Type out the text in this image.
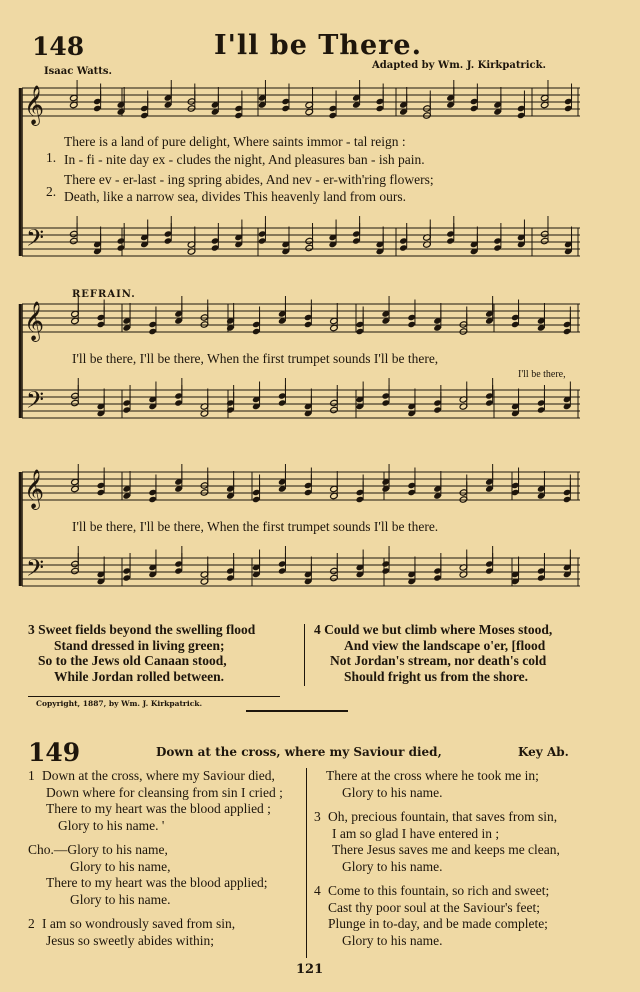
148	I'll be There.
Isaac Watts.
Adapted by Wm. J. Kirkpatrick.
𝄞
𝄢
𝄞
𝄢
𝄞
𝄢
1.
2.
There is a land of pure delight, Where saints immor - tal reign :
In - fi - nite day ex - cludes the night, And pleasures ban - ish pain.
There ev - er-last - ing spring abides, And nev - er-with'ring flowers;
Death, like a narrow sea, divides This heavenly land from ours.
REFRAIN.
I'll be there, I'll be there, When the first trumpet sounds I'll be there,
I'll be there,
I'll be there, I'll be there, When the first trumpet sounds I'll be there.
3 Sweet fields beyond the swelling flood
Stand dressed in living green;
So to the Jews old Canaan stood,
While Jordan rolled between.
4 Could we but climb where Moses stood,
And view the landscape o'er, [flood
Not Jordan's stream, nor death's cold
Should fright us from the shore.
Copyright, 1887, by Wm. J. Kirkpatrick.
149	Down at the cross, where my Saviour died,	Key Ab.
1 Down at the cross, where my Saviour died,
Down where for cleansing from sin I cried ;
There to my heart was the blood applied ;
Glory to his name. '
Cho.—Glory to his name,
Glory to his name,
There to my heart was the blood applied;
Glory to his name.
2 I am so wondrously saved from sin,
Jesus so sweetly abides within;
There at the cross where he took me in;
Glory to his name.
3 Oh, precious fountain, that saves from sin,
I am so glad I have entered in ;
There Jesus saves me and keeps me clean,
Glory to his name.
4 Come to this fountain, so rich and sweet;
Cast thy poor soul at the Saviour's feet;
Plunge in to-day, and be made complete;
Glory to his name.
121
